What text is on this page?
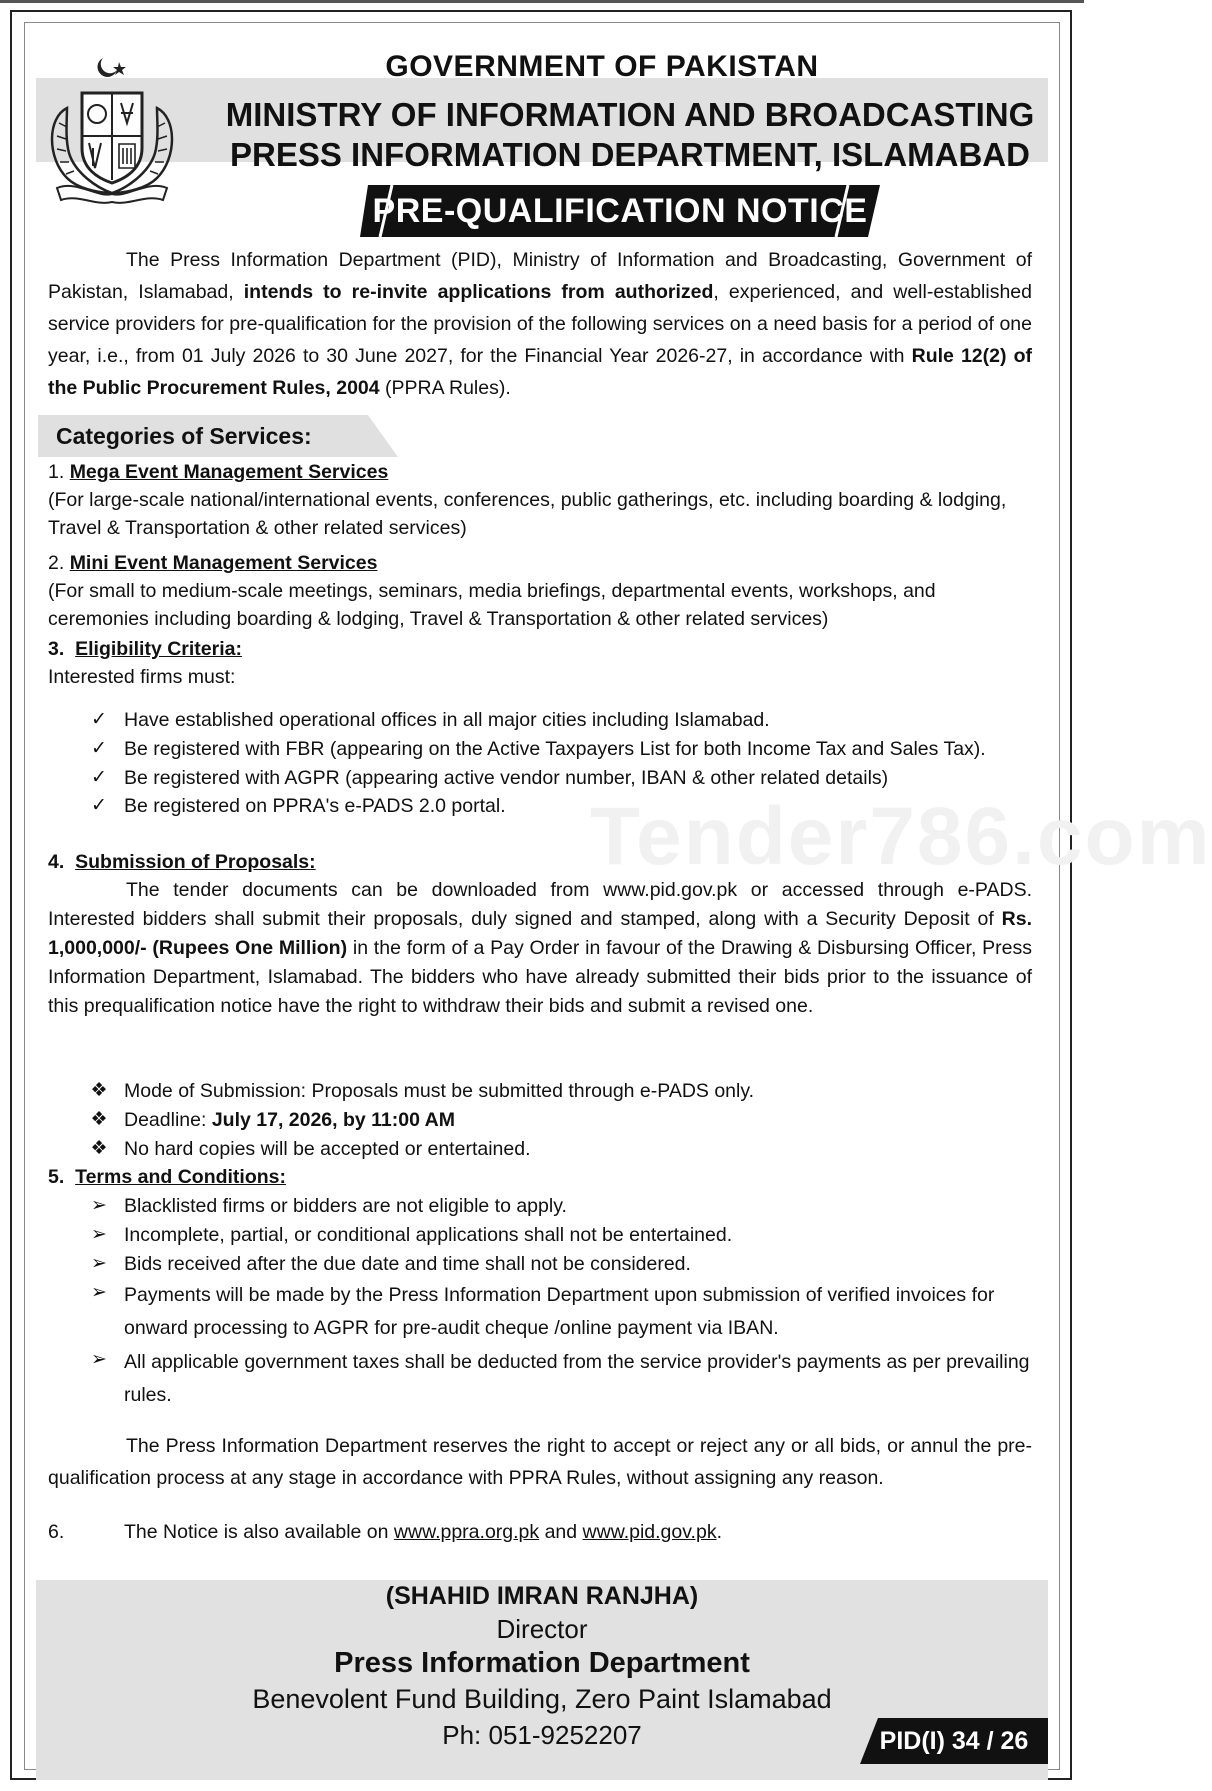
GOVERNMENT OF PAKISTAN
MINISTRY OF INFORMATION AND BROADCASTING
PRESS INFORMATION DEPARTMENT, ISLAMABAD
PRE-QUALIFICATION NOTICE
Tender786.com
The Press Information Department (PID), Ministry of Information and Broadcasting, Government of Pakistan, Islamabad, intends to re-invite applications from authorized, experienced, and well-established service providers for pre-qualification for the provision of the following services on a need basis for a period of one year, i.e., from 01 July 2026 to 30 June 2027, for the Financial Year 2026-27, in accordance with Rule 12(2) of the Public Procurement Rules, 2004 (PPRA Rules).
Categories of Services:
1. Mega Event Management Services
(For large-scale national/international events, conferences, public gatherings, etc. including boarding & lodging, Travel & Transportation & other related services)
2. Mini Event Management Services
(For small to medium-scale meetings, seminars, media briefings, departmental events, workshops, and ceremonies including boarding & lodging, Travel & Transportation & other related services)
3. Eligibility Criteria:
Interested firms must:
✓ Have established operational offices in all major cities including Islamabad.
✓ Be registered with FBR (appearing on the Active Taxpayers List for both Income Tax and Sales Tax).
✓ Be registered with AGPR (appearing active vendor number, IBAN & other related details)
✓ Be registered on PPRA's e-PADS 2.0 portal.
4. Submission of Proposals:
The tender documents can be downloaded from www.pid.gov.pk or accessed through e-PADS. Interested bidders shall submit their proposals, duly signed and stamped, along with a Security Deposit of Rs. 1,000,000/- (Rupees One Million) in the form of a Pay Order in favour of the Drawing & Disbursing Officer, Press Information Department, Islamabad. The bidders who have already submitted their bids prior to the issuance of this prequalification notice have the right to withdraw their bids and submit a revised one.
❖ Mode of Submission: Proposals must be submitted through e-PADS only.
❖ Deadline: July 17, 2026, by 11:00 AM
❖ No hard copies will be accepted or entertained.
5. Terms and Conditions:
➢ Blacklisted firms or bidders are not eligible to apply.
➢ Incomplete, partial, or conditional applications shall not be entertained.
➢ Bids received after the due date and time shall not be considered.
➢ Payments will be made by the Press Information Department upon submission of verified invoices for onward processing to AGPR for pre-audit cheque /online payment via IBAN.
➢ All applicable government taxes shall be deducted from the service provider's payments as per prevailing rules.
The Press Information Department reserves the right to accept or reject any or all bids, or annul the pre-qualification process at any stage in accordance with PPRA Rules, without assigning any reason.
6.	The Notice is also available on www.ppra.org.pk and www.pid.gov.pk.
(SHAHID IMRAN RANJHA)
Director
Press Information Department
Benevolent Fund Building, Zero Paint Islamabad
Ph: 051-9252207	PID(I) 34 / 26
